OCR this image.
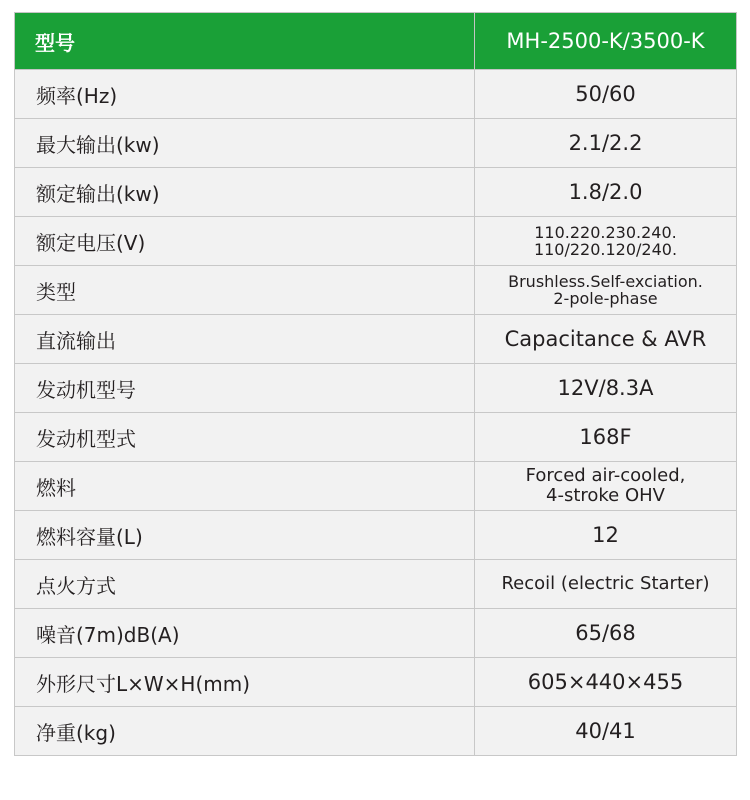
型号	MH-2500-K/3500-K
频率(Hz)	50/60

最大输出(kw)	2.1/2.2

额定输出(kw)	1.8/2.0

额定电压(V)	110.220.230.240.
110/220.120/240.

类型	Brushless.Self-exciation.
2-pole-phase

直流输出	Capacitance & AVR

发动机型号	12V/8.3A

发动机型式	168F

燃料	Forced air-cooled,
4-stroke OHV

燃料容量(L)	12

点火方式	Recoil (electric Starter)

噪音(7m)dB(A)	65/68

外形尺寸L×W×H(mm)	605×440×455

净重(kg)	40/41
